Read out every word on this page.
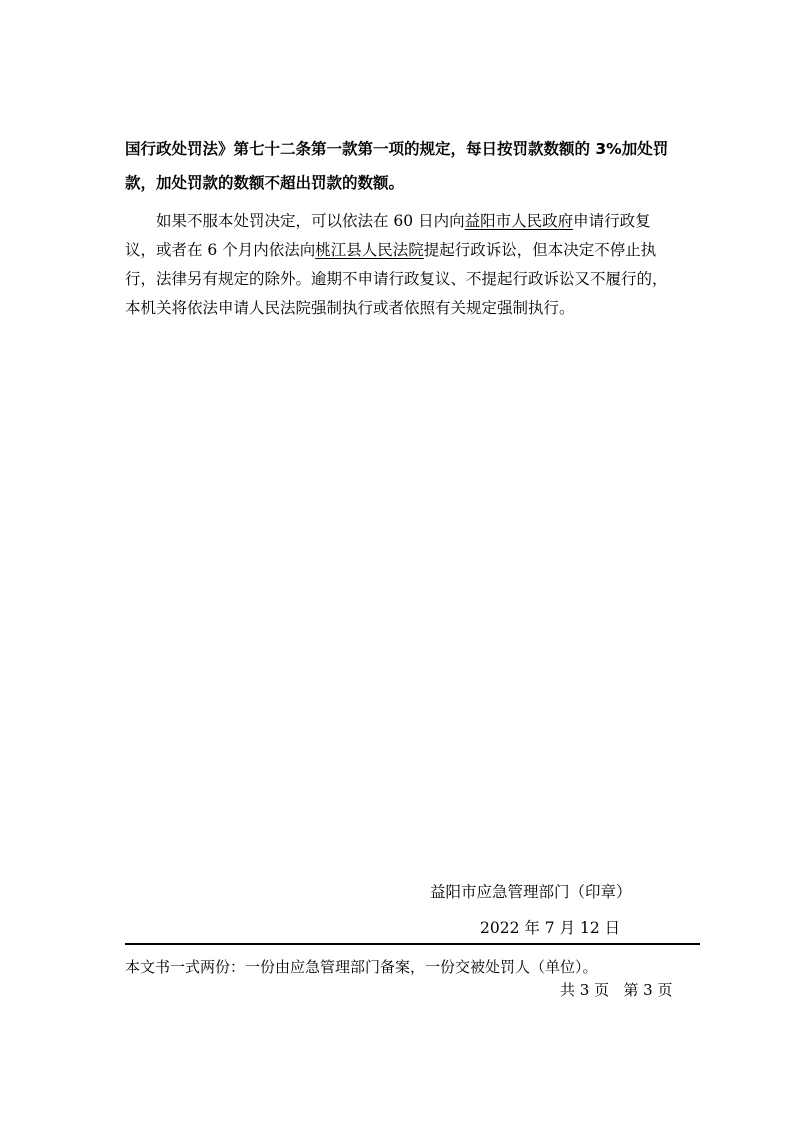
国行政处罚法》第七十二条第一款第一项的规定，每日按罚款数额的 3%加处罚
款，加处罚款的数额不超出罚款的数额。
如果不服本处罚决定，可以依法在 60 日内向益阳市人民政府申请行政复
议，或者在 6 个月内依法向桃江县人民法院提起行政诉讼，但本决定不停止执
行，法律另有规定的除外。逾期不申请行政复议、不提起行政诉讼又不履行的，
本机关将依法申请人民法院强制执行或者依照有关规定强制执行。
益阳市应急管理部门（印章）
2022 年 7 月 12 日
本文书一式两份：一份由应急管理部门备案，一份交被处罚人（单位）。
共 3 页 第 3 页
